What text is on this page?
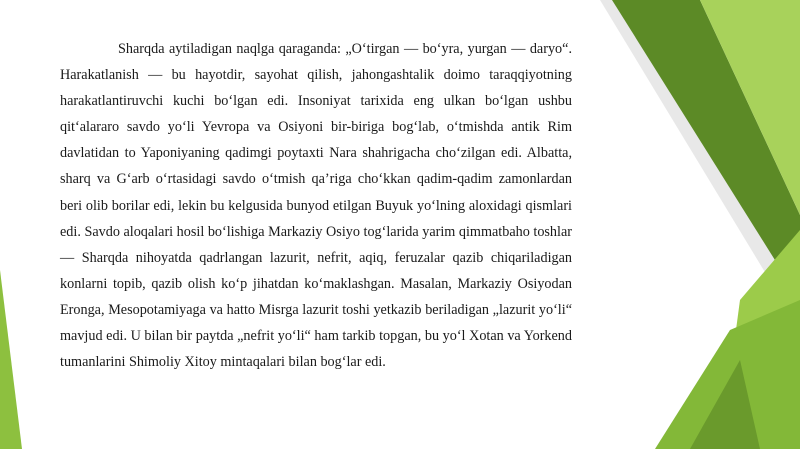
Sharqda aytiladigan naqlga qaraganda: „O‘tirgan — bo‘yra, yurgan — daryo“. Harakatlanish — bu hayotdir, sayohat qilish, jahongashtalik doimo taraqqiyotning harakatlantiruvchi kuchi bo‘lgan edi. Insoniyat tarixida eng ulkan bo‘lgan ushbu qit‘alararo savdo yo‘li Yevropa va Osiyoni bir-biriga bog‘lab, o‘tmishda antik Rim davlatidan to Yaponiyaning qadimgi poytaxti Nara shahrigacha cho‘zilgan edi. Albatta, sharq va G‘arb o‘rtasidagi savdo o‘tmish qa’riga cho‘kkan qadim-qadim zamonlardan beri olib borilar edi, lekin bu kelgusida bunyod etilgan Buyuk yo‘lning aloxidagi qismlari edi. Savdo aloqalari hosil bo‘lishiga Markaziy Osiyo tog‘larida yarim qimmatbaho toshlar — Sharqda nihoyatda qadrlangan lazurit, nefrit, aqiq, feruzalar qazib chiqariladigan konlarni topib, qazib olish ko‘p jihatdan ko‘maklashgan. Masalan, Markaziy Osiyodan Eronga, Mesopotamiyaga va hatto Misrga lazurit toshi yetkazib beriladigan „lazurit yo‘li“ mavjud edi. U bilan bir paytda „nefrit yo‘li“ ham tarkib topgan, bu yo‘l Xotan va Yorkend tumanlarini Shimoliy Xitoy mintaqalari bilan bog‘lar edi.
